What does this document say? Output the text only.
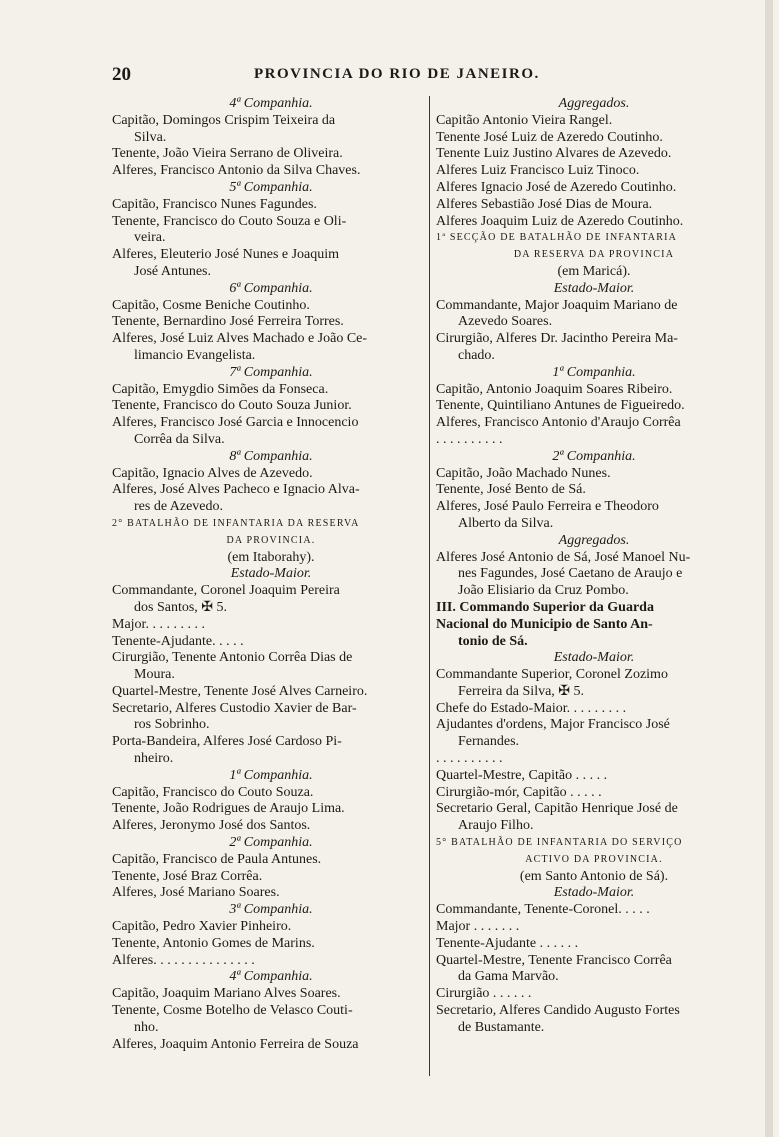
20	PROVINCIA DO RIO DE JANEIRO.
4ª Companhia.
Capitão, Domingos Crispim Teixeira da
Silva.
Tenente, João Vieira Serrano de Oliveira.
Alferes, Francisco Antonio da Silva Chaves.
5ª Companhia.
Capitão, Francisco Nunes Fagundes.
Tenente, Francisco do Couto Souza e Oli-
veira.
Alferes, Eleuterio José Nunes e Joaquim
José Antunes.
6ª Companhia.
Capitão, Cosme Beniche Coutinho.
Tenente, Bernardino José Ferreira Torres.
Alferes, José Luiz Alves Machado e João Ce-
limancio Evangelista.
7ª Companhia.
Capitão, Emygdio Simões da Fonseca.
Tenente, Francisco do Couto Souza Junior.
Alferes, Francisco José Garcia e Innocencio
Corrêa da Silva.
8ª Companhia.
Capitão, Ignacio Alves de Azevedo.
Alferes, José Alves Pacheco e Ignacio Alva-
res de Azevedo.
2° BATALHÃO DE INFANTARIA DA RESERVA
DA PROVINCIA.
(em Itaborahy).
Estado-Maior.
Commandante, Coronel Joaquim Pereira
dos Santos, ✠ 5.
Major. . . . . . . . .
Tenente-Ajudante. . . . .
Cirurgião, Tenente Antonio Corrêa Dias de
Moura.
Quartel-Mestre, Tenente José Alves Carneiro.
Secretario, Alferes Custodio Xavier de Bar-
ros Sobrinho.
Porta-Bandeira, Alferes José Cardoso Pi-
nheiro.
1ª Companhia.
Capitão, Francisco do Couto Souza.
Tenente, João Rodrigues de Araujo Lima.
Alferes, Jeronymo José dos Santos.
2ª Companhia.
Capitão, Francisco de Paula Antunes.
Tenente, José Braz Corrêa.
Alferes, José Mariano Soares.
3ª Companhia.
Capitão, Pedro Xavier Pinheiro.
Tenente, Antonio Gomes de Marins.
Alferes. . . . . . . . . . . . . . .
4ª Companhia.
Capitão, Joaquim Mariano Alves Soares.
Tenente, Cosme Botelho de Velasco Couti-
nho.
Alferes, Joaquim Antonio Ferreira de Souza
Aggregados.
Capitão Antonio Vieira Rangel.
Tenente José Luiz de Azeredo Coutinho.
Tenente Luiz Justino Alvares de Azevedo.
Alferes Luiz Francisco Luiz Tinoco.
Alferes Ignacio José de Azeredo Coutinho.
Alferes Sebastião José Dias de Moura.
Alferes Joaquim Luiz de Azeredo Coutinho.
1ª SECÇÃO DE BATALHÃO DE INFANTARIA
DA RESERVA DA PROVINCIA
(em Maricá).
Estado-Maior.
Commandante, Major Joaquim Mariano de
Azevedo Soares.
Cirurgião, Alferes Dr. Jacintho Pereira Ma-
chado.
1ª Companhia.
Capitão, Antonio Joaquim Soares Ribeiro.
Tenente, Quintiliano Antunes de Figueiredo.
Alferes, Francisco Antonio d'Araujo Corrêa
. . . . . . . . . .
2ª Companhia.
Capitão, João Machado Nunes.
Tenente, José Bento de Sá.
Alferes, José Paulo Ferreira e Theodoro
Alberto da Silva.
Aggregados.
Alferes José Antonio de Sá, José Manoel Nu-
nes Fagundes, José Caetano de Araujo e
João Elisiario da Cruz Pombo.
III. Commando Superior da Guarda
Nacional do Municipio de Santo An-
tonio de Sá.
Estado-Maior.
Commandante Superior, Coronel Zozimo
Ferreira da Silva, ✠ 5.
Chefe do Estado-Maior. . . . . . . . .
Ajudantes d'ordens, Major Francisco José
Fernandes.
. . . . . . . . . .
Quartel-Mestre, Capitão . . . . .
Cirurgião-mór, Capitão . . . . .
Secretario Geral, Capitão Henrique José de
Araujo Filho.
5° BATALHÃO DE INFANTARIA DO SERVIÇO
ACTIVO DA PROVINCIA.
(em Santo Antonio de Sá).
Estado-Maior.
Commandante, Tenente-Coronel. . . . .
Major . . . . . . .
Tenente-Ajudante . . . . . .
Quartel-Mestre, Tenente Francisco Corrêa
da Gama Marvão.
Cirurgião . . . . . .
Secretario, Alferes Candido Augusto Fortes
de Bustamante.
